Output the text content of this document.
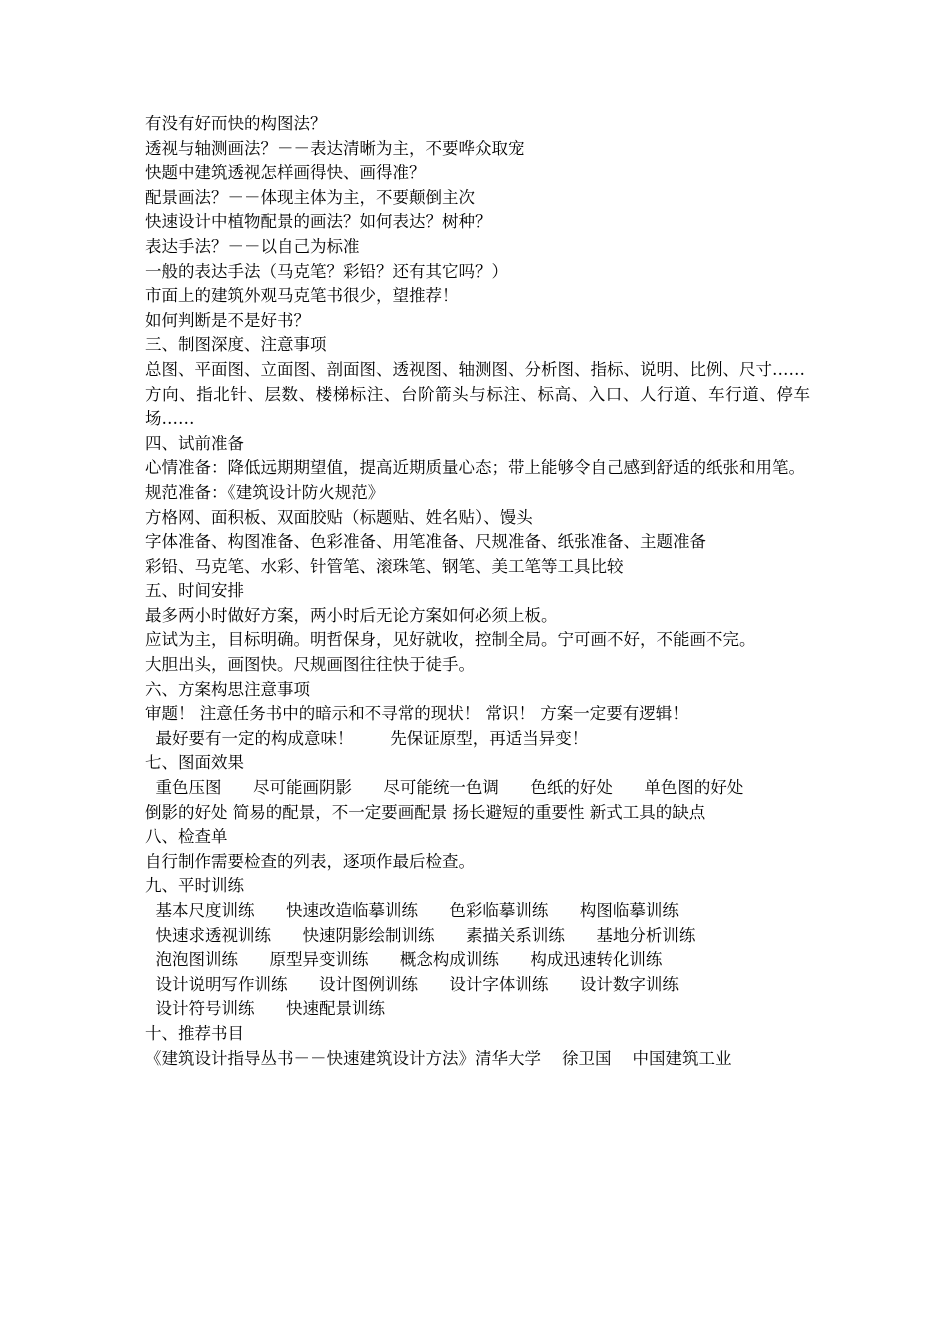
有没有好而快的构图法？
透视与轴测画法？－－表达清晰为主，不要哗众取宠
快题中建筑透视怎样画得快、画得准？
配景画法？－－体现主体为主，不要颠倒主次
快速设计中植物配景的画法？如何表达？树种？
表达手法？－－以自己为标准
一般的表达手法（马克笔？彩铅？还有其它吗？）
市面上的建筑外观马克笔书很少，望推荐！
如何判断是不是好书？
三、制图深度、注意事项
总图、平面图、立面图、剖面图、透视图、轴测图、分析图、指标、说明、比例、尺寸……
方向、指北针、层数、楼梯标注、台阶箭头与标注、标高、入口、人行道、车行道、停车场……
四、试前准备
心情准备：降低远期期望值，提高近期质量心态；带上能够令自己感到舒适的纸张和用笔。
规范准备：《建筑设计防火规范》
方格网、面积板、双面胶贴（标题贴、姓名贴）、馒头
字体准备、构图准备、色彩准备、用笔准备、尺规准备、纸张准备、主题准备
彩铅、马克笔、水彩、针管笔、滚珠笔、钢笔、美工笔等工具比较
五、时间安排
最多两小时做好方案，两小时后无论方案如何必须上板。
应试为主，目标明确。明哲保身，见好就收，控制全局。宁可画不好，不能画不完。
大胆出头，画图快。尺规画图往往快于徒手。
六、方案构思注意事项
审题！ 注意任务书中的暗示和不寻常的现状！ 常识！ 方案一定要有逻辑！
最好要有一定的构成意味！       先保证原型，再适当异变！
七、图面效果
重色压图      尽可能画阴影      尽可能统一色调      色纸的好处      单色图的好处
倒影的好处 简易的配景，不一定要画配景 扬长避短的重要性 新式工具的缺点
八、检查单
自行制作需要检查的列表，逐项作最后检查。
九、平时训练
基本尺度训练      快速改造临摹训练      色彩临摹训练      构图临摹训练
快速求透视训练      快速阴影绘制训练      素描关系训练      基地分析训练
泡泡图训练      原型异变训练      概念构成训练      构成迅速转化训练
设计说明写作训练      设计图例训练      设计字体训练      设计数字训练
设计符号训练      快速配景训练
十、推荐书目
《建筑设计指导丛书－－快速建筑设计方法》清华大学    徐卫国    中国建筑工业
